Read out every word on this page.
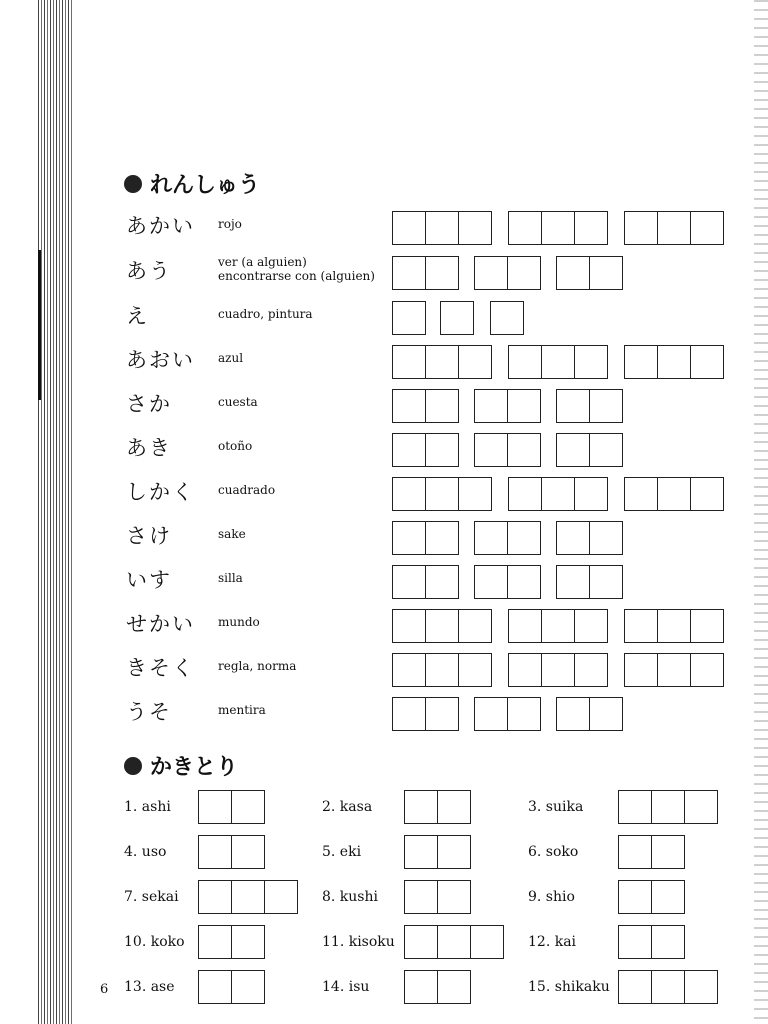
れんしゅう
あかい rojo
あう	ver (a alguien)
encontrarse con (alguien)
え	cuadro, pintura
あおい azul
さか	cuesta
あき	otoño
しかく cuadrado
さけ	sake
いす	silla
せかい mundo
きそく regla, norma
うそ	mentira
かきとり
1. ashi	2. kasa	3. suika
4. uso	5. eki	6. soko
7. sekai	8. kushi	9. shio
10. koko	11. kisoku	12. kai
13. ase	14. isu	15. shikaku
6
